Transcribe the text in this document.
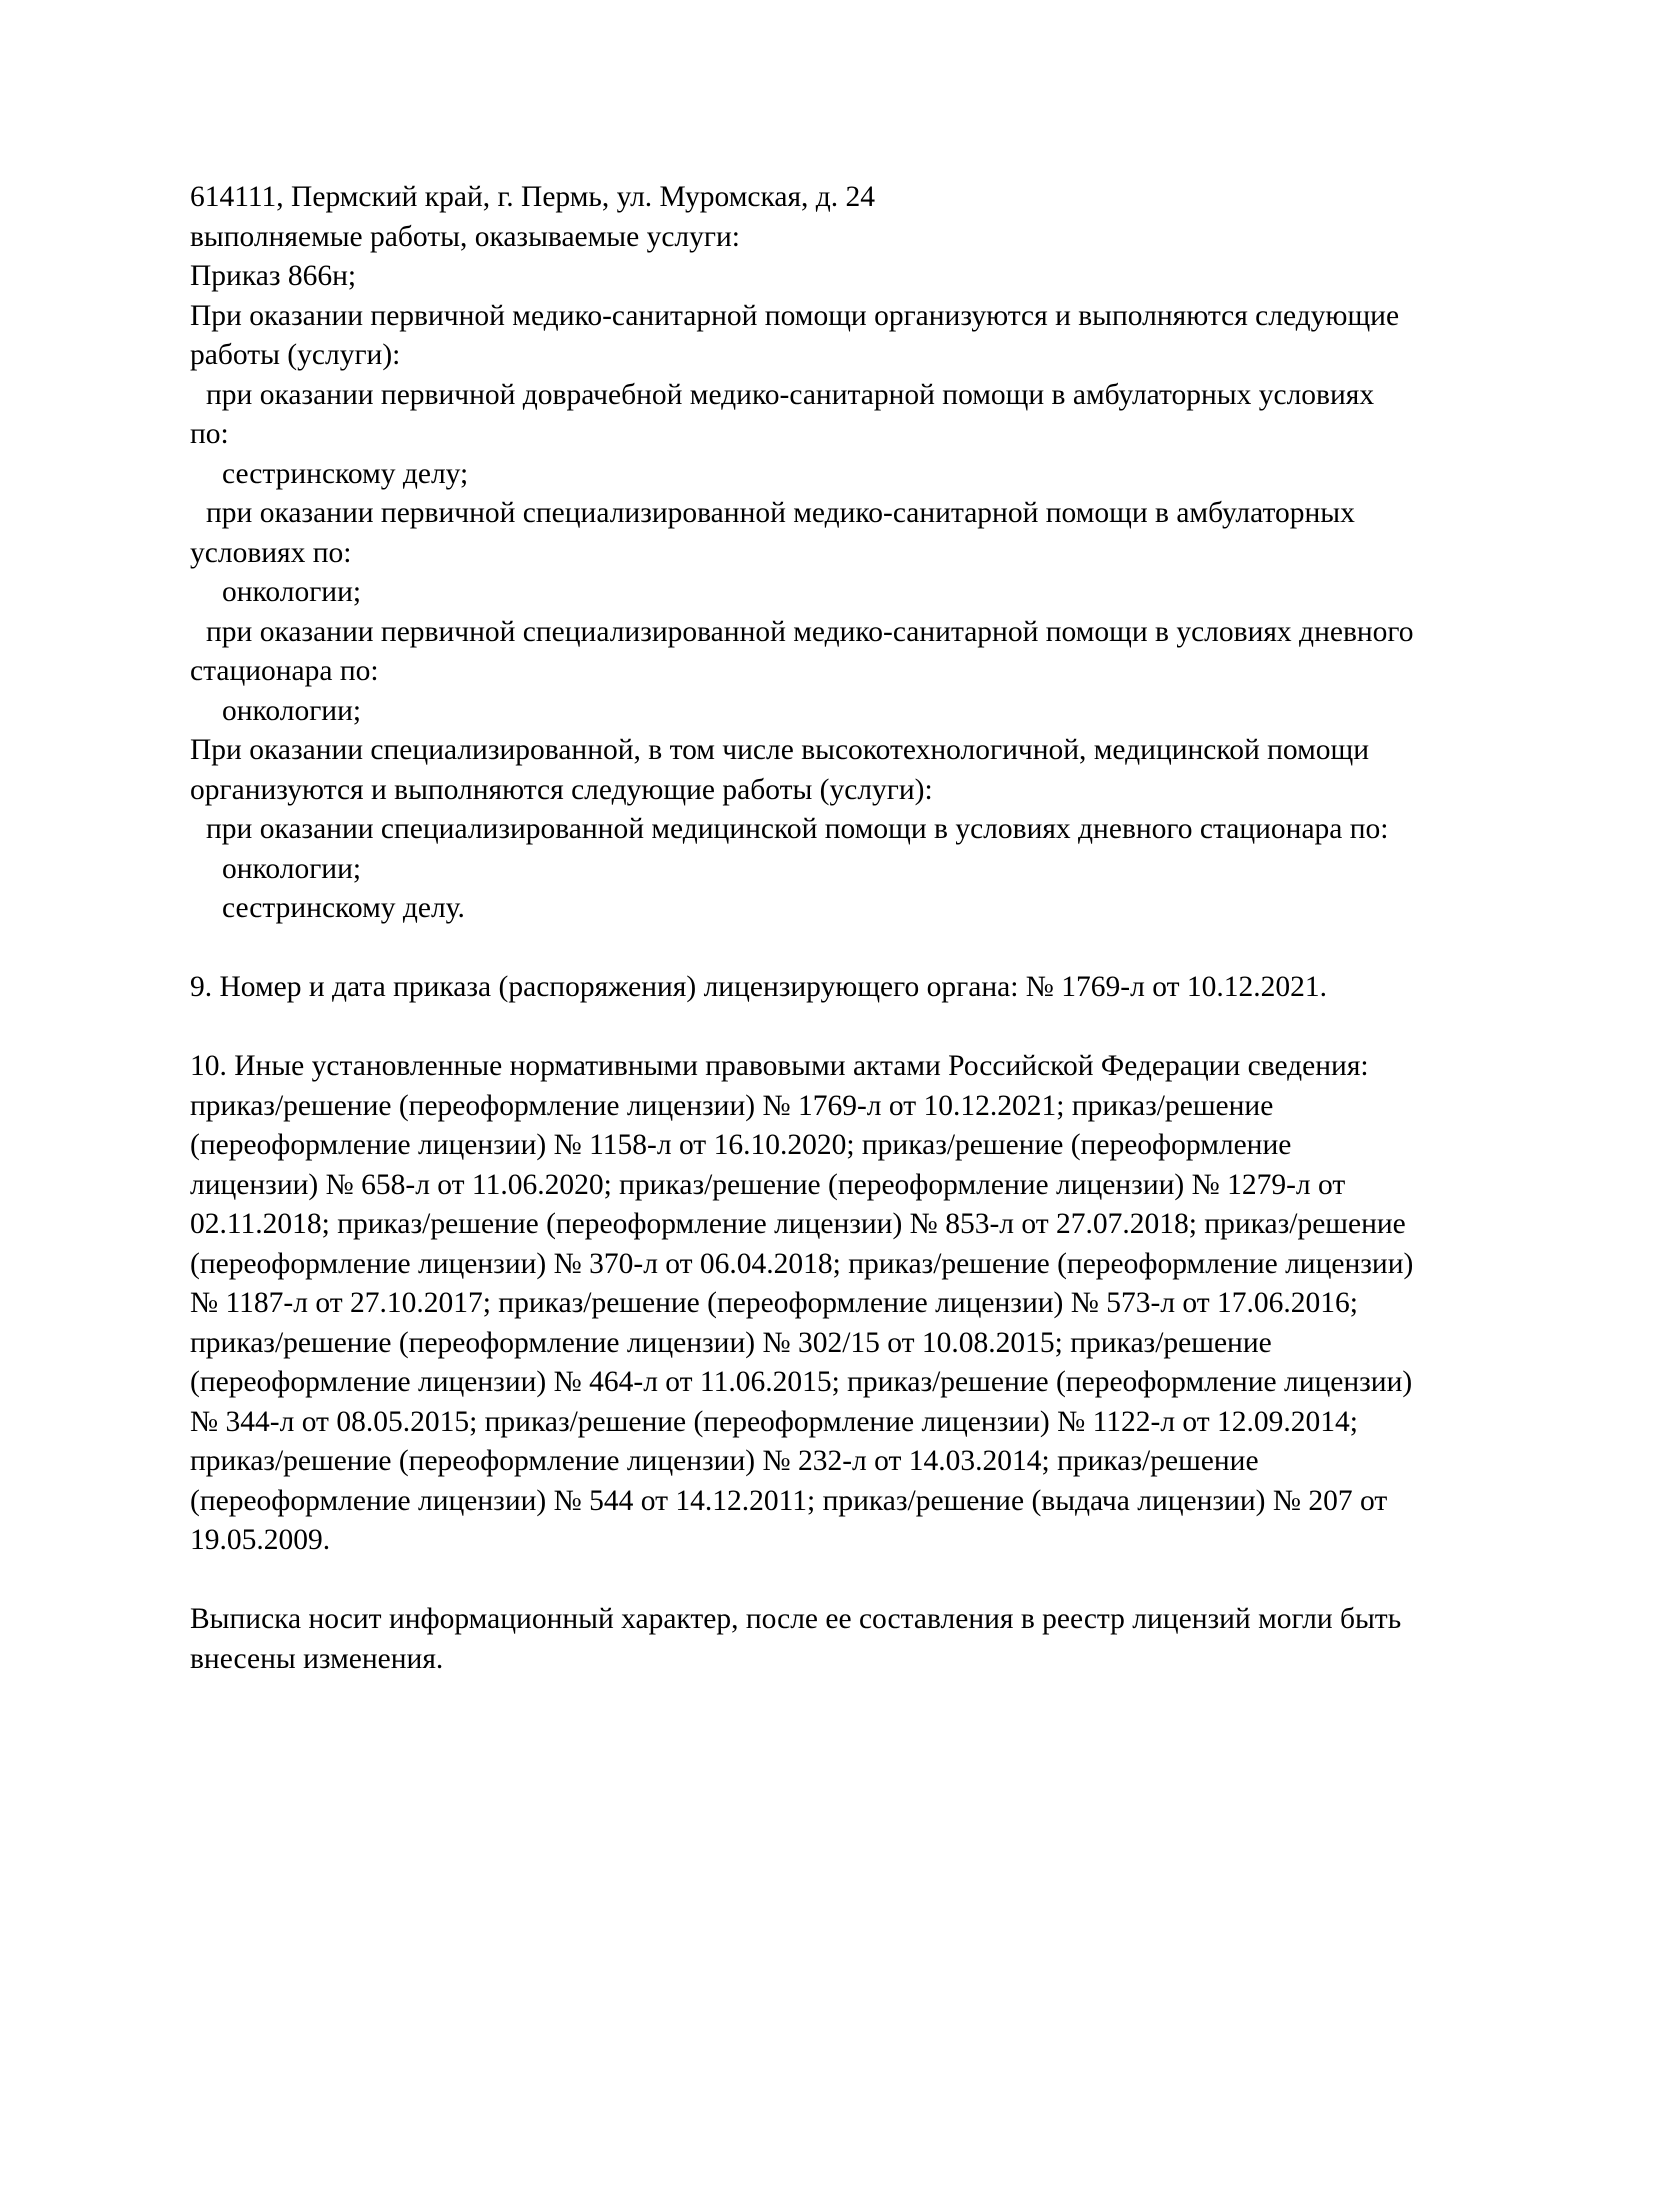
614111, Пермский край, г. Пермь, ул. Муромская, д. 24
выполняемые работы, оказываемые услуги:
Приказ 866н;
При оказании первичной медико-санитарной помощи организуются и выполняются следующие
работы (услуги):
при оказании первичной доврачебной медико-санитарной помощи в амбулаторных условиях
по:
сестринскому делу;
при оказании первичной специализированной медико-санитарной помощи в амбулаторных
условиях по:
онкологии;
при оказании первичной специализированной медико-санитарной помощи в условиях дневного
стационара по:
онкологии;
При оказании специализированной, в том числе высокотехнологичной, медицинской помощи
организуются и выполняются следующие работы (услуги):
при оказании специализированной медицинской помощи в условиях дневного стационара по:
онкологии;
сестринскому делу.
9. Номер и дата приказа (распоряжения) лицензирующего органа: № 1769-л от 10.12.2021.
10. Иные установленные нормативными правовыми актами Российской Федерации сведения:
приказ/решение (переоформление лицензии) № 1769-л от 10.12.2021; приказ/решение
(переоформление лицензии) № 1158-л от 16.10.2020; приказ/решение (переоформление
лицензии) № 658-л от 11.06.2020; приказ/решение (переоформление лицензии) № 1279-л от
02.11.2018; приказ/решение (переоформление лицензии) № 853-л от 27.07.2018; приказ/решение
(переоформление лицензии) № 370-л от 06.04.2018; приказ/решение (переоформление лицензии)
№ 1187-л от 27.10.2017; приказ/решение (переоформление лицензии) № 573-л от 17.06.2016;
приказ/решение (переоформление лицензии) № 302/15 от 10.08.2015; приказ/решение
(переоформление лицензии) № 464-л от 11.06.2015; приказ/решение (переоформление лицензии)
№ 344-л от 08.05.2015; приказ/решение (переоформление лицензии) № 1122-л от 12.09.2014;
приказ/решение (переоформление лицензии) № 232-л от 14.03.2014; приказ/решение
(переоформление лицензии) № 544 от 14.12.2011; приказ/решение (выдача лицензии) № 207 от
19.05.2009.
Выписка носит информационный характер, после ее составления в реестр лицензий могли быть
внесены изменения.
